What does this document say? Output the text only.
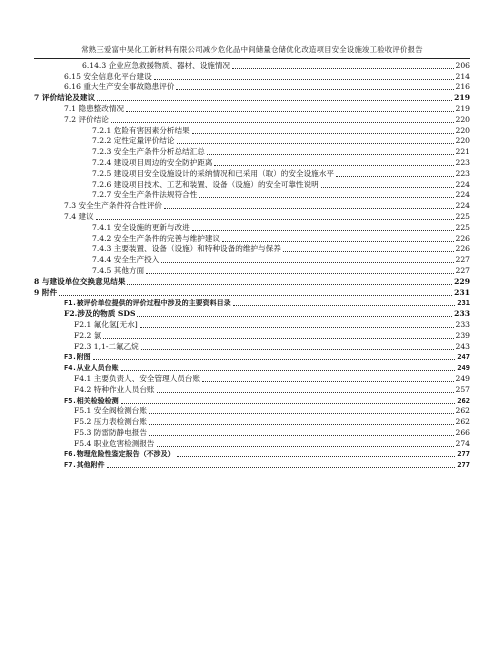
常熟三爱富中昊化工新材料有限公司减少危化品中间储量仓储优化改造项目安全设施竣工验收评价报告
6.14.3 企业应急救援物质、器材、设施情况	206
6.15 安全信息化平台建设	214
6.16 重大生产安全事故隐患评价	216
7 评价结论及建议	219
7.1 隐患整改情况	219
7.2 评价结论	220
7.2.1 危险有害因素分析结果	220
7.2.2 定性定量评价结论	220
7.2.3 安全生产条件分析总结汇总	221
7.2.4 建设项目周边的安全防护距离	223
7.2.5 建设项目安全设施设计的采纳情况和已采用（取）的安全设施水平	223
7.2.6 建设项目技术、工艺和装置、设备（设施）的安全可靠性说明	224
7.2.7 安全生产条件法规符合性	224
7.3 安全生产条件符合性评价	224
7.4 建议	225
7.4.1 安全设施的更新与改进	225
7.4.2 安全生产条件的完善与维护建议	226
7.4.3 主要装置、设备（设施）和特种设备的维护与保养	226
7.4.4 安全生产投入	227
7.4.5 其他方面	227
8 与建设单位交换意见结果	229
9 附件	231
F1.被评价单位提供的评价过程中涉及的主要资料目录	231
F2.涉及的物质 SDS	233
F2.1 氟化氢[无水]	233
F2.2 氯	239
F2.3 1,1-二氟乙烷	243
F3.附图	247
F4.从业人员台账	249
F4.1 主要负责人、安全管理人员台账	249
F4.2 特种作业人员台账	257
F5.相关检验检测	262
F5.1 安全阀检测台账	262
F5.2 压力表检测台账	262
F5.3 防雷防静电报告	266
F5.4 职业危害检测报告	274
F6.物理危险性鉴定报告（不涉及）	277
F7.其他附件	277
